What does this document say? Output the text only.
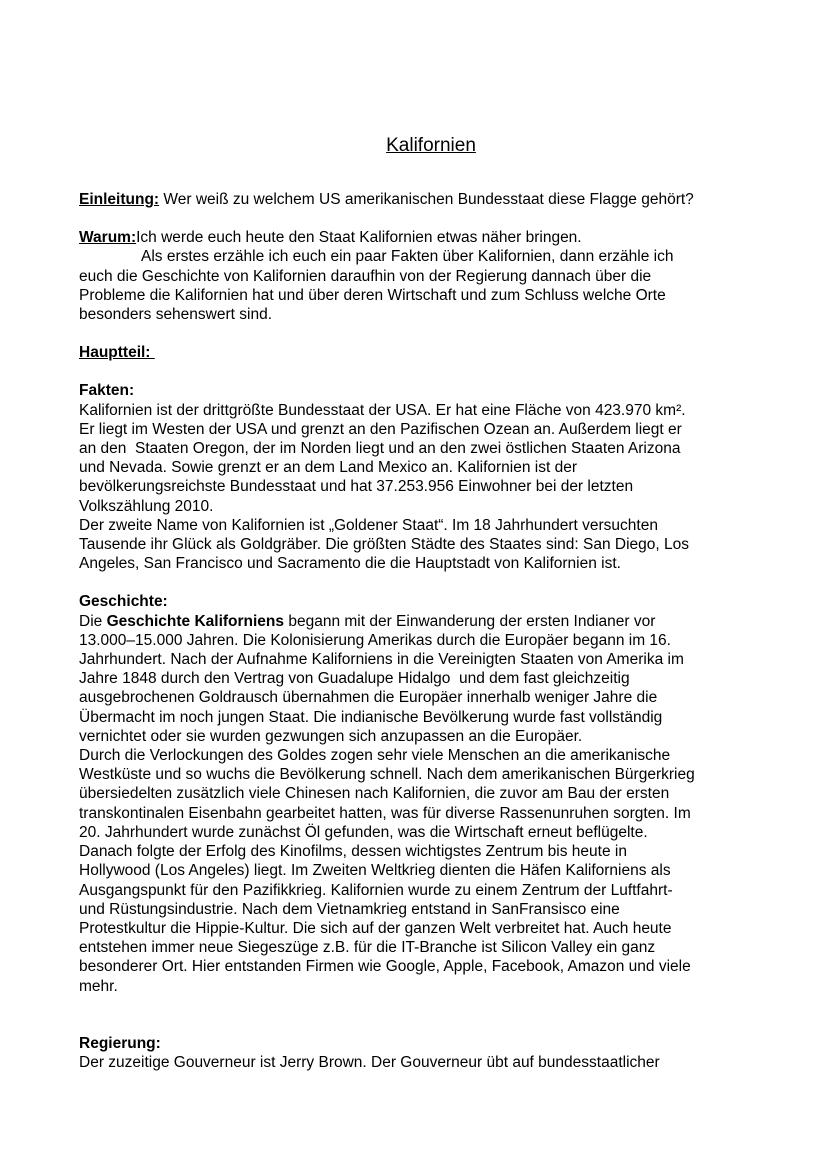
Kalifornien
Einleitung: Wer weiß zu welchem US amerikanischen Bundesstaat diese Flagge gehört?
Warum:Ich werde euch heute den Staat Kalifornien etwas näher bringen.
Als erstes erzähle ich euch ein paar Fakten über Kalifornien, dann erzähle ich
euch die Geschichte von Kalifornien daraufhin von der Regierung dannach über die
Probleme die Kalifornien hat und über deren Wirtschaft und zum Schluss welche Orte
besonders sehenswert sind.
Hauptteil:
Fakten:
Kalifornien ist der drittgrößte Bundesstaat der USA. Er hat eine Fläche von 423.970 km².
Er liegt im Westen der USA und grenzt an den Pazifischen Ozean an. Außerdem liegt er
an den  Staaten Oregon, der im Norden liegt und an den zwei östlichen Staaten Arizona
und Nevada. Sowie grenzt er an dem Land Mexico an. Kalifornien ist der
bevölkerungsreichste Bundesstaat und hat 37.253.956 Einwohner bei der letzten
Volkszählung 2010.
Der zweite Name von Kalifornien ist „Goldener Staat“. Im 18 Jahrhundert versuchten
Tausende ihr Glück als Goldgräber. Die größten Städte des Staates sind: San Diego, Los
Angeles, San Francisco und Sacramento die die Hauptstadt von Kalifornien ist.
Geschichte:
Die Geschichte Kaliforniens begann mit der Einwanderung der ersten Indianer vor
13.000–15.000 Jahren. Die Kolonisierung Amerikas durch die Europäer begann im 16.
Jahrhundert. Nach der Aufnahme Kaliforniens in die Vereinigten Staaten von Amerika im
Jahre 1848 durch den Vertrag von Guadalupe Hidalgo  und dem fast gleichzeitig
ausgebrochenen Goldrausch übernahmen die Europäer innerhalb weniger Jahre die
Übermacht im noch jungen Staat. Die indianische Bevölkerung wurde fast vollständig
vernichtet oder sie wurden gezwungen sich anzupassen an die Europäer.
Durch die Verlockungen des Goldes zogen sehr viele Menschen an die amerikanische
Westküste und so wuchs die Bevölkerung schnell. Nach dem amerikanischen Bürgerkrieg
übersiedelten zusätzlich viele Chinesen nach Kalifornien, die zuvor am Bau der ersten
transkontinalen Eisenbahn gearbeitet hatten, was für diverse Rassenunruhen sorgten. Im
20. Jahrhundert wurde zunächst Öl gefunden, was die Wirtschaft erneut beflügelte.
Danach folgte der Erfolg des Kinofilms, dessen wichtigstes Zentrum bis heute in
Hollywood (Los Angeles) liegt. Im Zweiten Weltkrieg dienten die Häfen Kaliforniens als
Ausgangspunkt für den Pazifikkrieg. Kalifornien wurde zu einem Zentrum der Luftfahrt-
und Rüstungsindustrie. Nach dem Vietnamkrieg entstand in SanFransisco eine
Protestkultur die Hippie-Kultur. Die sich auf der ganzen Welt verbreitet hat. Auch heute
entstehen immer neue Siegeszüge z.B. für die IT-Branche ist Silicon Valley ein ganz
besonderer Ort. Hier entstanden Firmen wie Google, Apple, Facebook, Amazon und viele
mehr.
Regierung:
Der zuzeitige Gouverneur ist Jerry Brown. Der Gouverneur übt auf bundesstaatlicher
